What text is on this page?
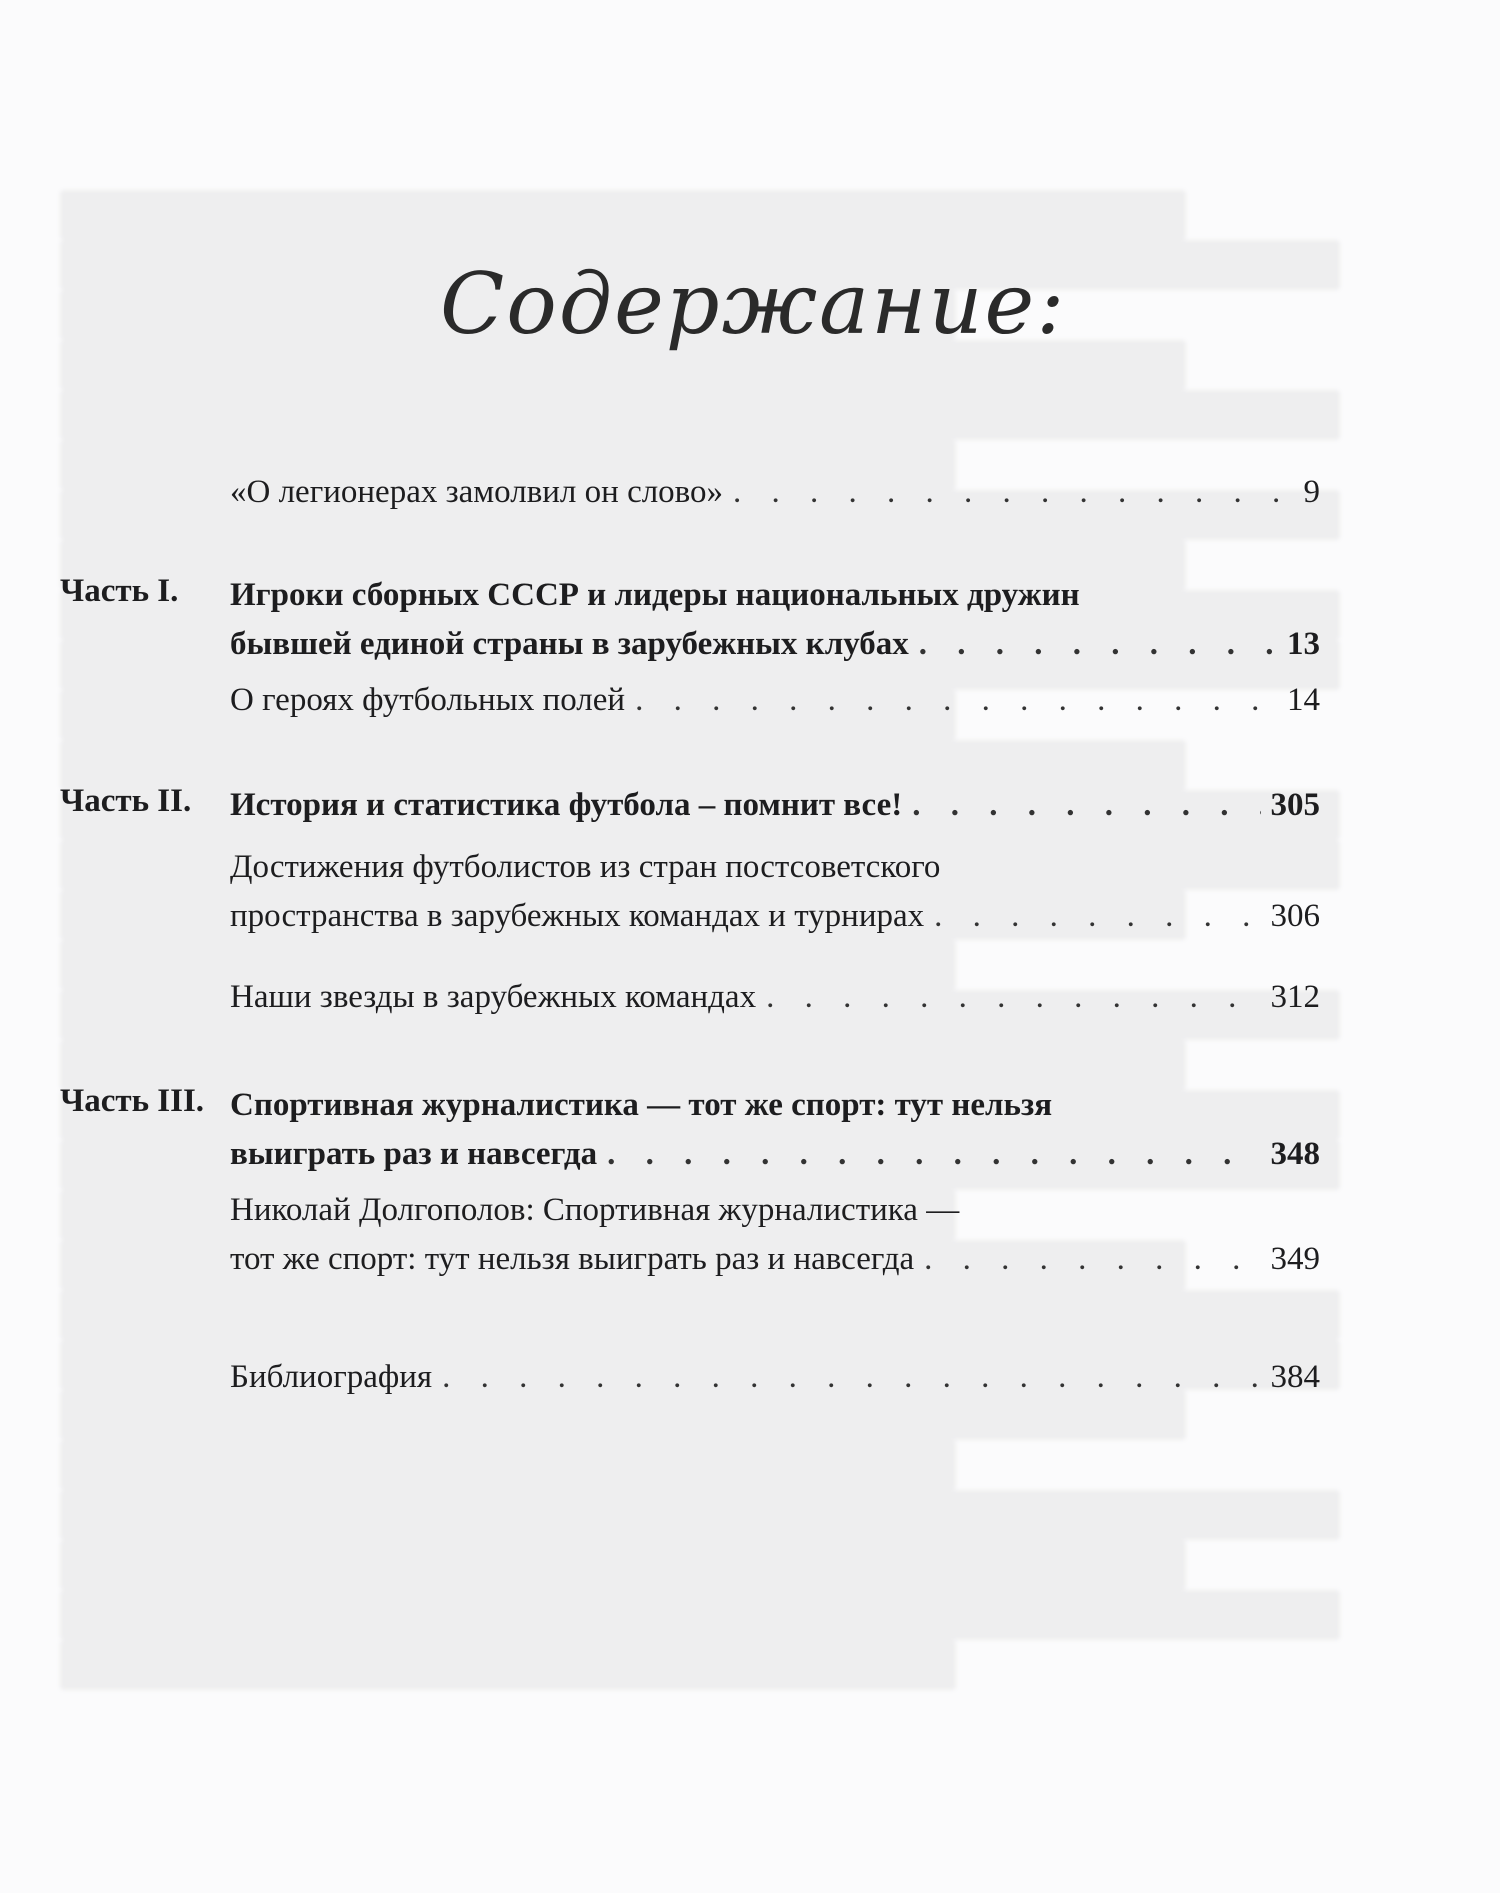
Содержание:
«О легионерах замолвил он слово» . . .	9
Часть I. Игроки сборных СССР и лидеры национальных дружин
бывшей единой страны в зарубежных клубах . . .	13
О героях футбольных полей . . .	14
Часть II. История и статистика футбола – помнит все! . . .	305
Достижения футболистов из стран постсоветского
пространства в зарубежных командах и турнирах . . .	306
Наши звезды в зарубежных командах . . .	312
Часть III. Спортивная журналистика — тот же спорт: тут нельзя
выиграть раз и навсегда . . .	348
Николай Долгополов: Спортивная журналистика —
тот же спорт: тут нельзя выиграть раз и навсегда . . .	349
Библиография . . .	384
